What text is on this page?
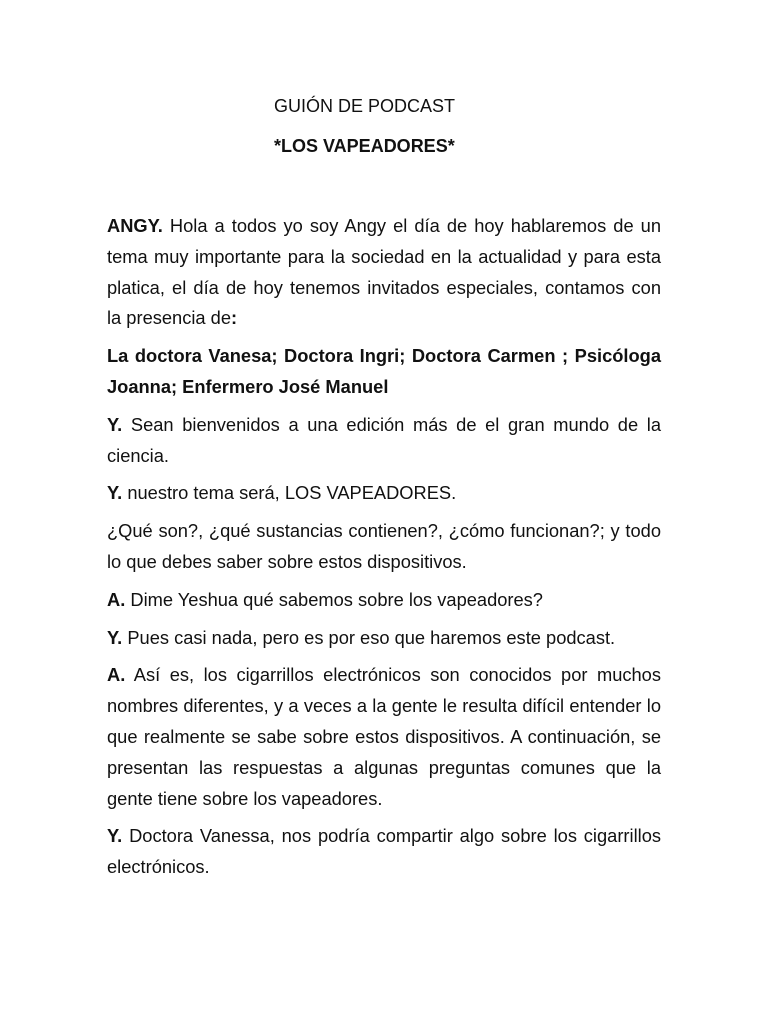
GUIÓN DE PODCAST
*LOS VAPEADORES*

ANGY. Hola a todos yo soy Angy el día de hoy hablaremos de un tema muy importante para la sociedad en la actualidad y para esta platica, el día de hoy tenemos invitados especiales, contamos con la presencia de:

La doctora Vanesa; Doctora Ingri; Doctora Carmen ; Psicóloga Joanna; Enfermero José Manuel

Y. Sean bienvenidos a una edición más de el gran mundo de la ciencia.

Y. nuestro tema será, LOS VAPEADORES.

¿Qué son?, ¿qué sustancias contienen?, ¿cómo funcionan?; y todo lo que debes saber sobre estos dispositivos.

A. Dime Yeshua qué sabemos sobre los vapeadores?

Y. Pues casi nada, pero es por eso que haremos este podcast.

A. Así es, los cigarrillos electrónicos son conocidos por muchos nombres diferentes, y a veces a la gente le resulta difícil entender lo que realmente se sabe sobre estos dispositivos. A continuación, se presentan las respuestas a algunas preguntas comunes que la gente tiene sobre los vapeadores.

Y. Doctora Vanessa, nos podría compartir algo sobre los cigarrillos electrónicos.
